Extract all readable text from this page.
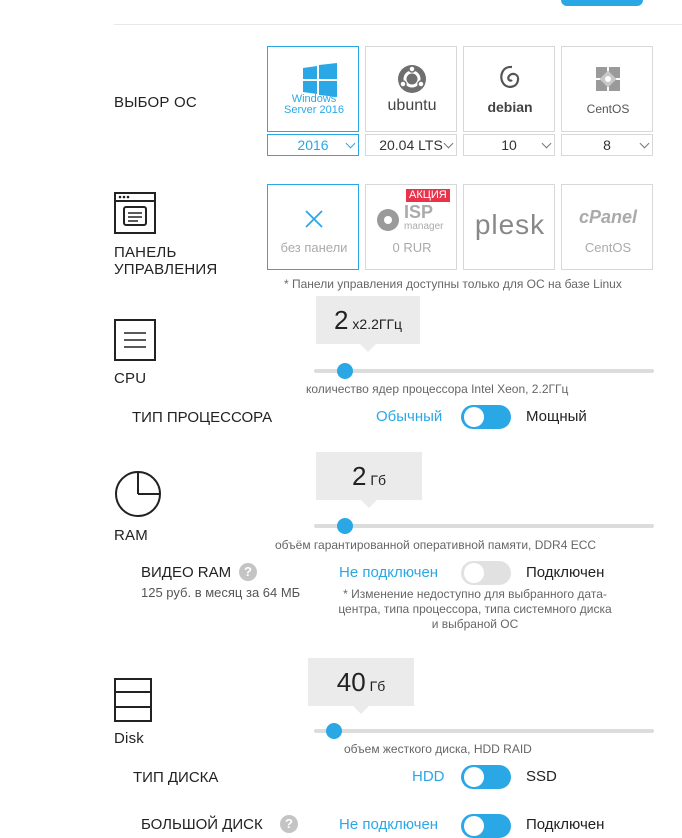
ВЫБОР ОС	Windows
Server 2016
2016
ubuntu
20.04 LTS
debian
10
CentOS
8
ПАНЕЛЬ
УПРАВЛЕНИЯ
без панели
АКЦИЯ
ISP
manager
0 RUR
plesk	cPanel
CentOS
* Панели управления доступны только для ОС на базе Linux
CPU
2 х2.2ГГц
количество ядер процессора Intel Xeon, 2.2ГГц
ТИП ПРОЦЕССОРА	Обычный	Мощный
RAM
2 Гб
объём гарантированной оперативной памяти, DDR4 ECC
ВИДЕО RAM ?
125 руб. в месяц за 64 МБ
Не подключен	Подключен
* Изменение недоступно для выбранного дата-
центра, типа процессора, типа системного диска
и выбраной ОС
Disk
40 Гб
объем жесткого диска, HDD RAID
ТИП ДИСКА	HDD	SSD
БОЛЬШОЙ ДИСК	?	Не подключен	Подключен
